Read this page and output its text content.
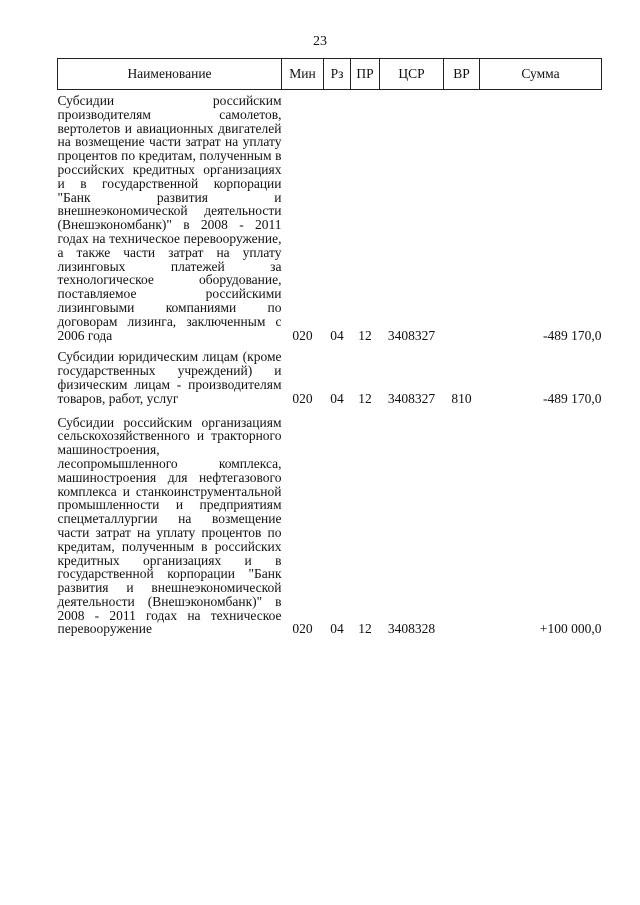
23
Наименование	Мин	Рз	ПР	ЦСР	ВР	Сумма
Субсидии российским производителям самолетов, вертолетов и авиационных двигателей на возмещение части затрат на уплату процентов по кредитам, полученным в российских кредитных организациях и в государственной корпорации "Банк развития и внешнеэкономической деятельности (Внешэкономбанк)" в 2008 - 2011 годах на техническое перевооружение, а также части затрат на уплату лизинговых платежей за технологическое оборудование, поставляемое российскими лизинговыми компаниями по договорам лизинга, заключенным с 2006 года	020	04	12	3408327		-489 170,0
Субсидии юридическим лицам (кроме государственных учреждений) и физическим лицам - производителям товаров, работ, услуг	020	04	12	3408327	810	-489 170,0
Субсидии российским организациям сельскохозяйственного и тракторного машиностроения, лесопромышленного комплекса, машиностроения для нефтегазового комплекса и станкоинструментальной промышленности и предприятиям спецметаллургии на возмещение части затрат на уплату процентов по кредитам, полученным в российских кредитных организациях и в государственной корпорации "Банк развития и внешнеэкономической деятельности (Внешэкономбанк)" в 2008 - 2011 годах на техническое перевооружение	020	04	12	3408328		+100 000,0
